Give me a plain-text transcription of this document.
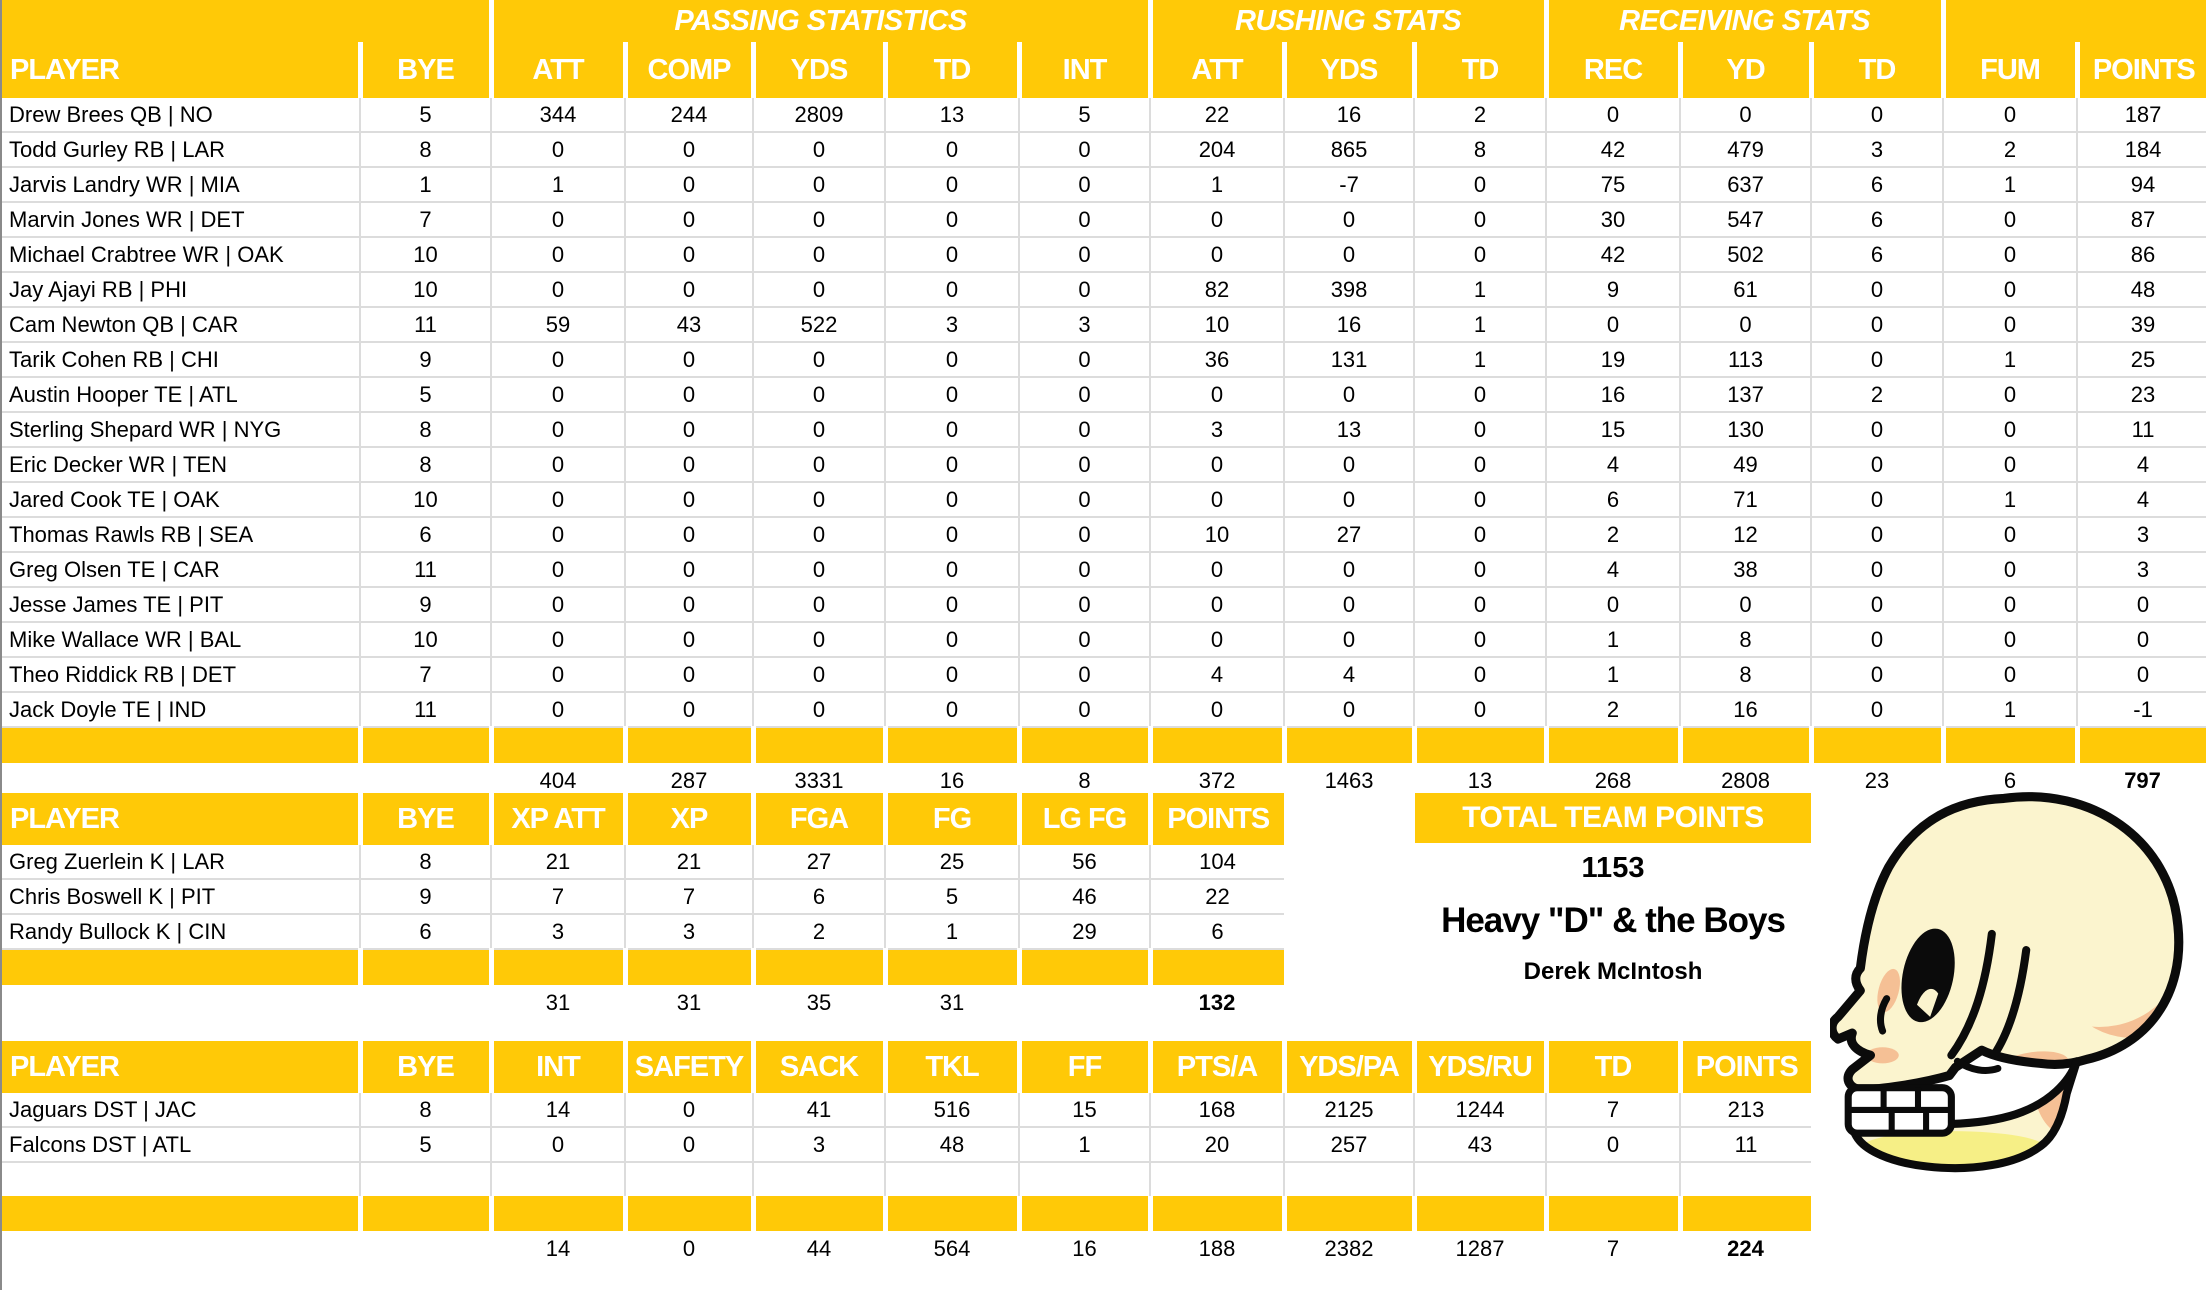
		PASSING STATISTICS					RUSHING STATS			RECEIVING STATS				
PLAYER	BYE	ATT	COMP	YDS	TD	INT	ATT	YDS	TD	REC	YD	TD	FUM	POINTS
Drew Brees QB | NO	5	344	244	2809	13	5	22	16	2	0	0	0	0	187
Todd Gurley RB | LAR	8	0	0	0	0	0	204	865	8	42	479	3	2	184
Jarvis Landry WR | MIA	1	1	0	0	0	0	1	-7	0	75	637	6	1	94
Marvin Jones WR | DET	7	0	0	0	0	0	0	0	0	30	547	6	0	87
Michael Crabtree WR | OAK	10	0	0	0	0	0	0	0	0	42	502	6	0	86
Jay Ajayi RB | PHI	10	0	0	0	0	0	82	398	1	9	61	0	0	48
Cam Newton QB | CAR	11	59	43	522	3	3	10	16	1	0	0	0	0	39
Tarik Cohen RB | CHI	9	0	0	0	0	0	36	131	1	19	113	0	1	25
Austin Hooper TE | ATL	5	0	0	0	0	0	0	0	0	16	137	2	0	23
Sterling Shepard WR | NYG	8	0	0	0	0	0	3	13	0	15	130	0	0	11
Eric Decker WR | TEN	8	0	0	0	0	0	0	0	0	4	49	0	0	4
Jared Cook TE | OAK	10	0	0	0	0	0	0	0	0	6	71	0	1	4
Thomas Rawls RB | SEA	6	0	0	0	0	0	10	27	0	2	12	0	0	3
Greg Olsen TE | CAR	11	0	0	0	0	0	0	0	0	4	38	0	0	3
Jesse James TE | PIT	9	0	0	0	0	0	0	0	0	0	0	0	0	0
Mike Wallace WR | BAL	10	0	0	0	0	0	0	0	0	1	8	0	0	0
Theo Riddick RB | DET	7	0	0	0	0	0	4	4	0	1	8	0	0	0
Jack Doyle TE | IND	11	0	0	0	0	0	0	0	0	2	16	0	1	-1

		404	287	3331	16	8	372	1463	13	268	2808	23	6	797
PLAYER	BYE	XP ATT	XP	FGA	FG	LG FG	POINTS
Greg Zuerlein K | LAR	8	21	21	27	25	56	104
Chris Boswell K | PIT	9	7	7	6	5	46	22
Randy Bullock K | CIN	6	3	3	2	1	29	6

		31	31	35	31		132
PLAYER	BYE	INT	SAFETY	SACK	TKL	FF	PTS/A	YDS/PA	YDS/RU	TD	POINTS
Jaguars DST | JAC	8	14	0	41	516	15	168	2125	1244	7	213
Falcons DST | ATL	5	0	0	3	48	1	20	257	43	0	11

		14	0	44	564	16	188	2382	1287	7	224
TOTAL TEAM POINTS
1153
Heavy "D" & the Boys
Derek McIntosh
